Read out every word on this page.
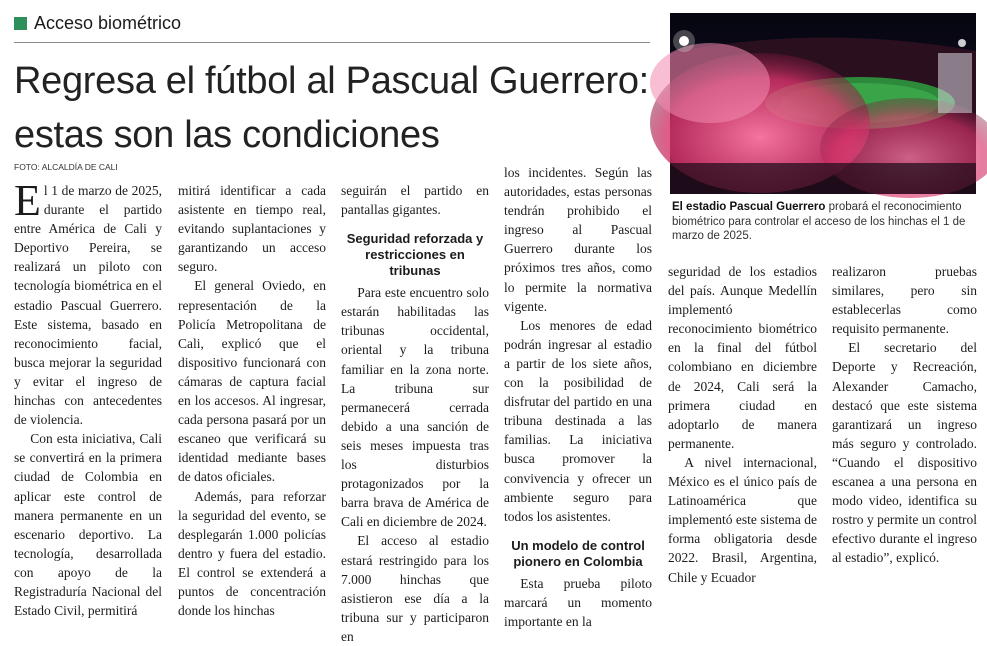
Acceso biométrico
Regresa el fútbol al Pascual Guerrero: estas son las condiciones
FOTO: ALCALDÍA DE CALI

El 1 de marzo de 2025, durante el partido entre América de Cali y Deportivo Pereira, se realizará un piloto con tecnología biométrica en el estadio Pascual Guerrero. Este sistema, basado en reconocimiento facial, busca mejorar la seguridad y evitar el ingreso de hinchas con antecedentes de violencia.

Con esta iniciativa, Cali se convertirá en la primera ciudad de Colombia en aplicar este control de manera permanente en un escenario deportivo. La tecnología, desarrollada con apoyo de la Registraduría Nacional del Estado Civil, permitirá

mitirá identificar a cada asistente en tiempo real, evitando suplantaciones y garantizando un acceso seguro.

El general Oviedo, en representación de la Policía Metropolitana de Cali, explicó que el dispositivo funcionará con cámaras de captura facial en los accesos. Al ingresar, cada persona pasará por un escaneo que verificará su identidad mediante bases de datos oficiales.

Además, para reforzar la seguridad del evento, se desplegarán 1.000 policías dentro y fuera del estadio. El control se extenderá a puntos de concentración donde los hinchas

seguirán el partido en pantallas gigantes.

Seguridad reforzada y restricciones en tribunas

Para este encuentro solo estarán habilitadas las tribunas occidental, oriental y la tribuna familiar en la zona norte. La tribuna sur permanecerá cerrada debido a una sanción de seis meses impuesta tras los disturbios protagonizados por la barra brava de América de Cali en diciembre de 2024.

El acceso al estadio estará restringido para los 7.000 hinchas que asistieron ese día a la tribuna sur y participaron en

los incidentes. Según las autoridades, estas personas tendrán prohibido el ingreso al Pascual Guerrero durante los próximos tres años, como lo permite la normativa vigente.

Los menores de edad podrán ingresar al estadio a partir de los siete años, con la posibilidad de disfrutar del partido en una tribuna destinada a las familias. La iniciativa busca promover la convivencia y ofrecer un ambiente seguro para todos los asistentes.

Un modelo de control pionero en Colombia

Esta prueba piloto marcará un momento importante en la

El estadio Pascual Guerrero probará el reconocimiento biométrico para controlar el acceso de los hinchas el 1 de marzo de 2025.

seguridad de los estadios del país. Aunque Medellín implementó reconocimiento biométrico en la final del fútbol colombiano en diciembre de 2024, Cali será la primera ciudad en adoptarlo de manera permanente.

A nivel internacional, México es el único país de Latinoamérica que implementó este sistema de forma obligatoria desde 2022. Brasil, Argentina, Chile y Ecuador

realizaron pruebas similares, pero sin establecerlas como requisito permanente.

El secretario del Deporte y Recreación, Alexander Camacho, destacó que este sistema garantizará un ingreso más seguro y controlado. “Cuando el dispositivo escanea a una persona en modo video, identifica su rostro y permite un control efectivo durante el ingreso al estadio”, explicó.
